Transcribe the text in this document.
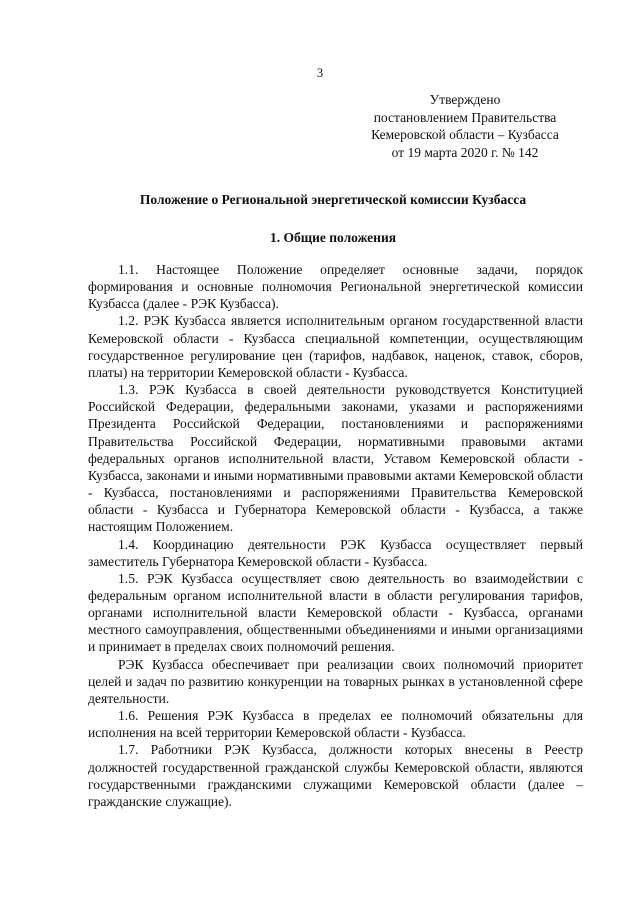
3
Утверждено
постановлением Правительства
Кемеровской области – Кузбасса
от 19 марта 2020 г. № 142
Положение о Региональной энергетической комиссии Кузбасса
1. Общие положения

1.1. Настоящее Положение определяет основные задачи, порядок формирования и основные полномочия Региональной энергетической комиссии Кузбасса (далее - РЭК Кузбасса).

1.2. РЭК Кузбасса является исполнительным органом государственной власти Кемеровской области - Кузбасса специальной компетенции, осуществляющим государственное регулирование цен (тарифов, надбавок, наценок, ставок, сборов, платы) на территории Кемеровской области - Кузбасса.

1.3. РЭК Кузбасса в своей деятельности руководствуется Конституцией Российской Федерации, федеральными законами, указами и распоряжениями Президента Российской Федерации, постановлениями и распоряжениями Правительства Российской Федерации, нормативными правовыми актами федеральных органов исполнительной власти, Уставом Кемеровской области - Кузбасса, законами и иными нормативными правовыми актами Кемеровской области - Кузбасса, постановлениями и распоряжениями Правительства Кемеровской области - Кузбасса и Губернатора Кемеровской области - Кузбасса, а также настоящим Положением.

1.4. Координацию деятельности РЭК Кузбасса осуществляет первый заместитель Губернатора Кемеровской области - Кузбасса.

1.5. РЭК Кузбасса осуществляет свою деятельность во взаимодействии с федеральным органом исполнительной власти в области регулирования тарифов, органами исполнительной власти Кемеровской области - Кузбасса, органами местного самоуправления, общественными объединениями и иными организациями и принимает в пределах своих полномочий решения.

РЭК Кузбасса обеспечивает при реализации своих полномочий приоритет целей и задач по развитию конкуренции на товарных рынках в установленной сфере деятельности.

1.6. Решения РЭК Кузбасса в пределах ее полномочий обязательны для исполнения на всей территории Кемеровской области - Кузбасса.

1.7. Работники РЭК Кузбасса, должности которых внесены в Реестр должностей государственной гражданской службы Кемеровской области, являются государственными гражданскими служащими Кемеровской области (далее – гражданские служащие).
